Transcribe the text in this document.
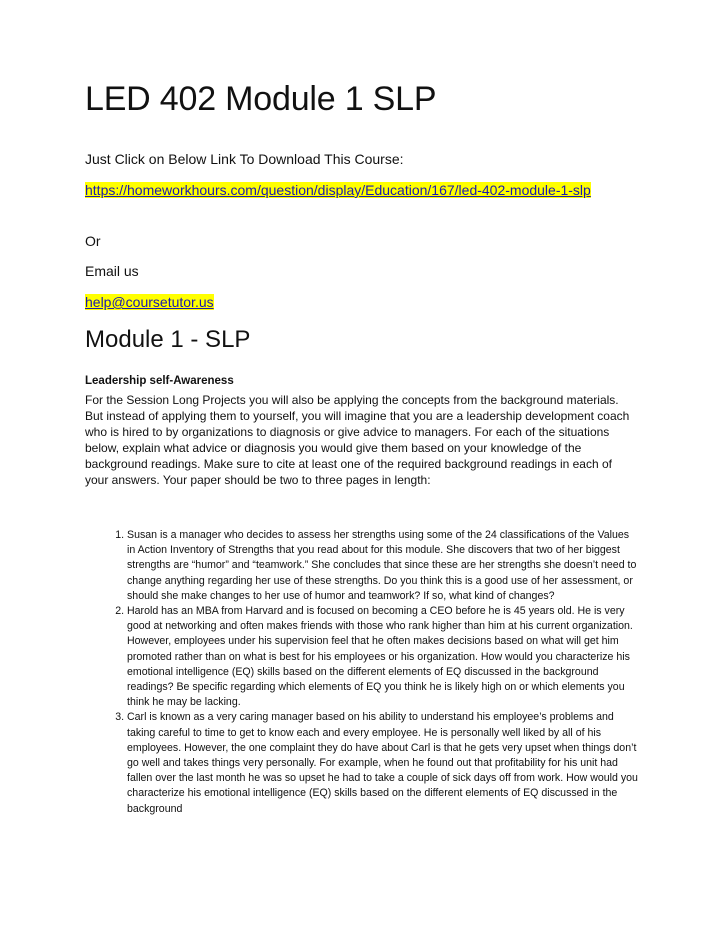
LED 402 Module 1 SLP
Just Click on Below Link To Download This Course:
https://homeworkhours.com/question/display/Education/167/led-402-module-1-slp
Or
Email us
help@coursetutor.us
Module 1 - SLP
Leadership self-Awareness

For the Session Long Projects you will also be applying the concepts from the background materials. But instead of applying them to yourself, you will imagine that you are a leadership development coach who is hired to by organizations to diagnosis or give advice to managers. For each of the situations below, explain what advice or diagnosis you would give them based on your knowledge of the background readings. Make sure to cite at least one of the required background readings in each of your answers. Your paper should be two to three pages in length:

1. Susan is a manager who decides to assess her strengths using some of the 24 classifications of the Values in Action Inventory of Strengths that you read about for this module. She discovers that two of her biggest strengths are “humor” and “teamwork.” She concludes that since these are her strengths she doesn’t need to change anything regarding her use of these strengths. Do you think this is a good use of her assessment, or should she make changes to her use of humor and teamwork? If so, what kind of changes?
2. Harold has an MBA from Harvard and is focused on becoming a CEO before he is 45 years old. He is very good at networking and often makes friends with those who rank higher than him at his current organization. However, employees under his supervision feel that he often makes decisions based on what will get him promoted rather than on what is best for his employees or his organization. How would you characterize his emotional intelligence (EQ) skills based on the different elements of EQ discussed in the background readings? Be specific regarding which elements of EQ you think he is likely high on or which elements you think he may be lacking.
3. Carl is known as a very caring manager based on his ability to understand his employee’s problems and taking careful to time to get to know each and every employee. He is personally well liked by all of his employees. However, the one complaint they do have about Carl is that he gets very upset when things don’t go well and takes things very personally. For example, when he found out that profitability for his unit had fallen over the last month he was so upset he had to take a couple of sick days off from work. How would you characterize his emotional intelligence (EQ) skills based on the different elements of EQ discussed in the background
